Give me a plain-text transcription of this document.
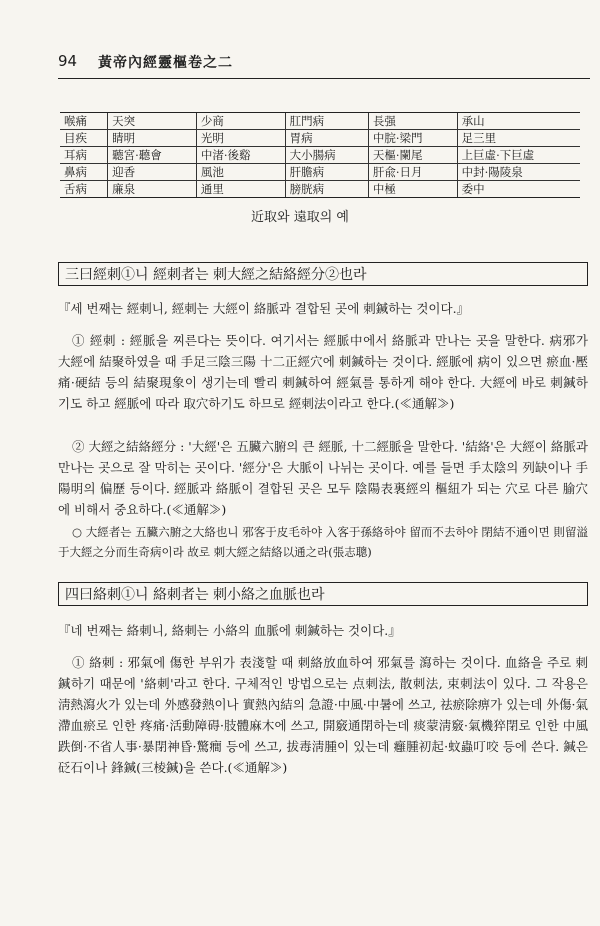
94 黃帝內經靈樞卷之二
喉痛	天突	少商	肛門病	長强	承山
目疾	睛明	光明	胃病	中脘·梁門	足三里
耳病	聽宮·聽會	中渚·後谿	大小腸病	天樞·闌尾	上巨虛·下巨虛
鼻病	迎香	風池	肝膽病	肝兪·日月	中封·陽陵泉
舌病	廉泉	通里	膀胱病	中極	委中
近取와 遠取의 예
三曰經刺①니 經刺者는 刺大經之結絡經分②也라
『세 번째는 經刺니, 經刺는 大經이 絡脈과 결합된 곳에 刺鍼하는 것이다.』
① 經刺 : 經脈을 찌른다는 뜻이다. 여기서는 經脈中에서 絡脈과 만나는 곳을 말한다. 病邪가 大經에 結聚하였을 때 手足三陰三陽 十二正經穴에 刺鍼하는 것이다. 經脈에 病이 있으면 瘀血·壓痛·硬結 등의 結聚現象이 생기는데 빨리 刺鍼하여 經氣를 통하게 해야 한다. 大經에 바로 刺鍼하기도 하고 經脈에 따라 取穴하기도 하므로 經刺法이라고 한다.(≪通解≫)
② 大經之結絡經分 : '大經'은 五臟六腑의 큰 經脈, 十二經脈을 말한다. '結絡'은 大經이 絡脈과 만나는 곳으로 잘 막히는 곳이다. '經分'은 大脈이 나뉘는 곳이다. 예를 들면 手太陰의 列缺이나 手陽明의 偏歷 등이다. 經脈과 絡脈이 결합된 곳은 모두 陰陽表裏經의 樞紐가 되는 穴로 다른 腧穴에 비해서 중요하다.(≪通解≫)
○ 大經者는 五臟六腑之大絡也니 邪客于皮毛하야 入客于孫絡하야 留而不去하야 閉結不通이면 則留溢于大經之分而生奇病이라 故로 刺大經之結絡以通之라(張志聰)
四曰絡刺①니 絡刺者는 刺小絡之血脈也라
『네 번째는 絡刺니, 絡刺는 小絡의 血脈에 刺鍼하는 것이다.』
① 絡刺 : 邪氣에 傷한 부위가 表淺할 때 刺絡放血하여 邪氣를 瀉하는 것이다. 血絡을 주로 刺鍼하기 때문에 '絡刺'라고 한다. 구체적인 방법으로는 点刺法, 散刺法, 束刺法이 있다. 그 작용은 淸熱瀉火가 있는데 外感發熱이나 實熱內結의 急證·中風·中暑에 쓰고, 祛瘀除痹가 있는데 外傷·氣滯血瘀로 인한 疼痛·活動障碍·肢體麻木에 쓰고, 開竅通閉하는데 痰蒙淸竅·氣機猝閉로 인한 中風跌倒·不省人事·暴閉神昏·驚癎 등에 쓰고, 拔毒淸腫이 있는데 癰腫初起·蚊蟲叮咬 등에 쓴다. 鍼은 砭石이나 鋒鍼(三棱鍼)을 쓴다.(≪通解≫)
